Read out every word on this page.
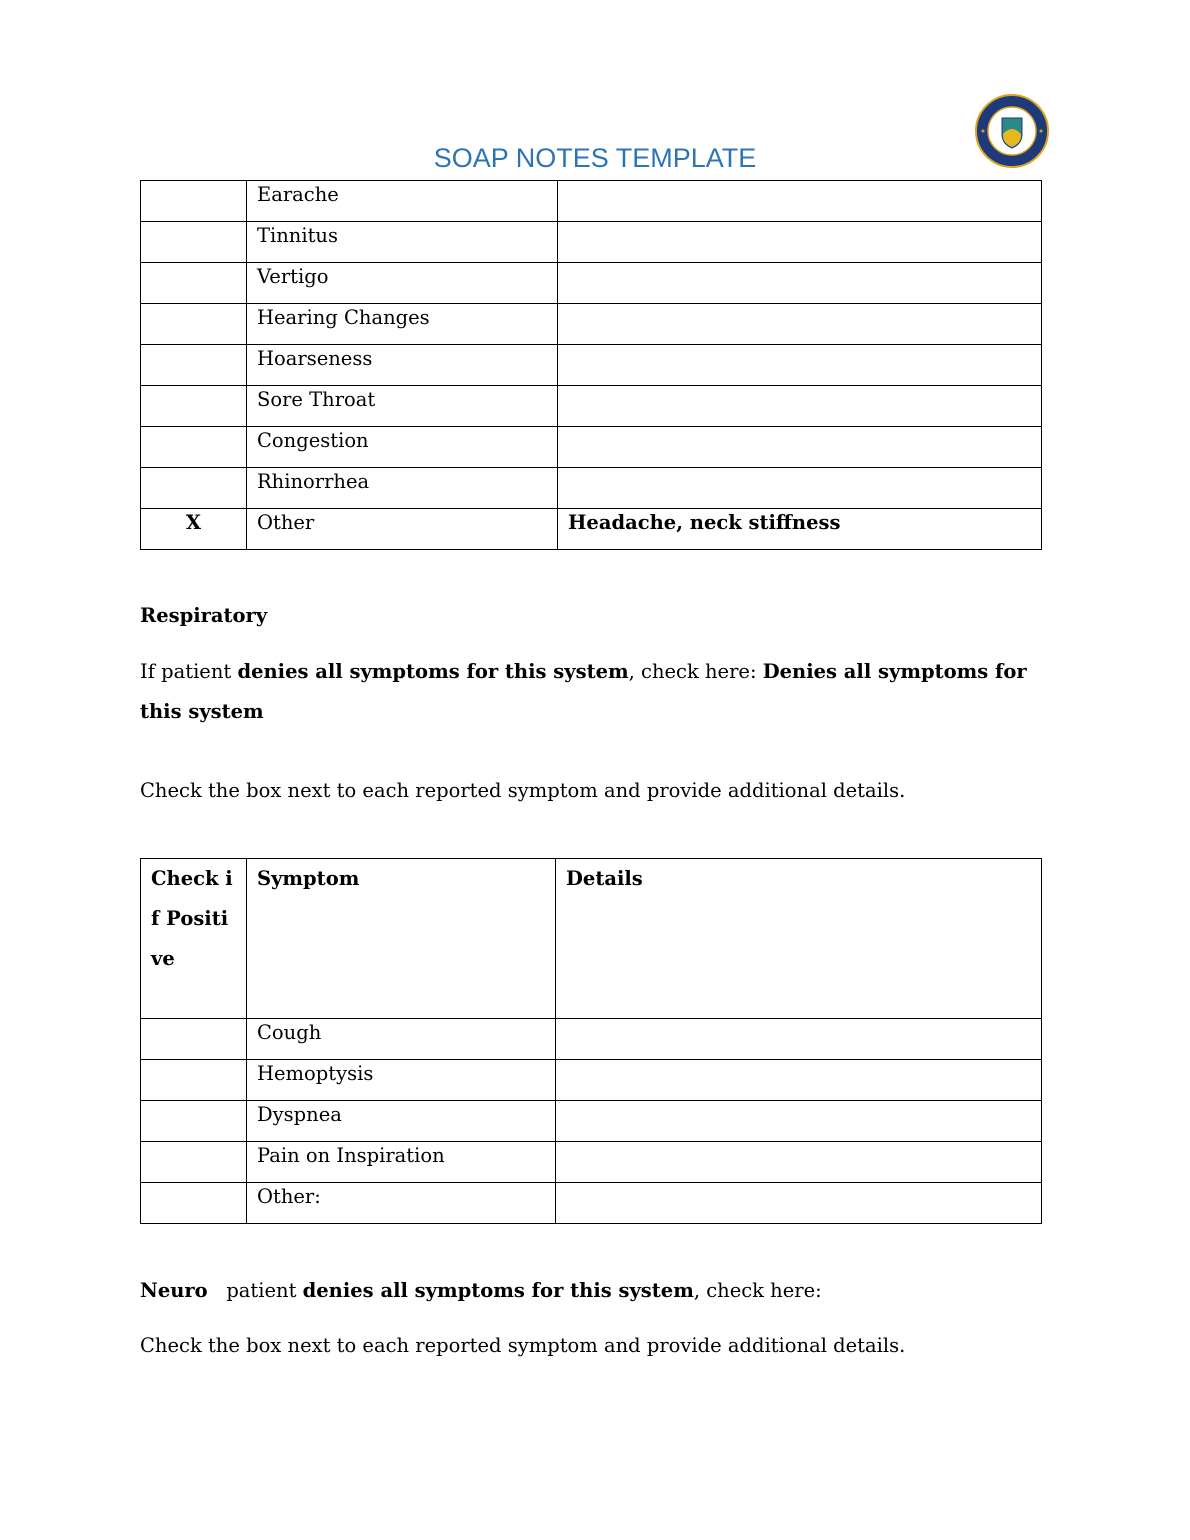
SOAP NOTES TEMPLATE
	Earache	
	Tinnitus	
	Vertigo	
	Hearing Changes	
	Hoarseness	
	Sore Throat	
	Congestion	
	Rhinorrhea	
X	Other	Headache, neck stiffness
Respiratory
If patient denies all symptoms for this system, check here: Denies all symptoms for this system
Check the box next to each reported symptom and provide additional details.
Check if Positive	Symptom	Details
	Cough	
	Hemoptysis	
	Dyspnea	
	Pain on Inspiration	
	Other:	
Neuro patient denies all symptoms for this system, check here:
Check the box next to each reported symptom and provide additional details.
